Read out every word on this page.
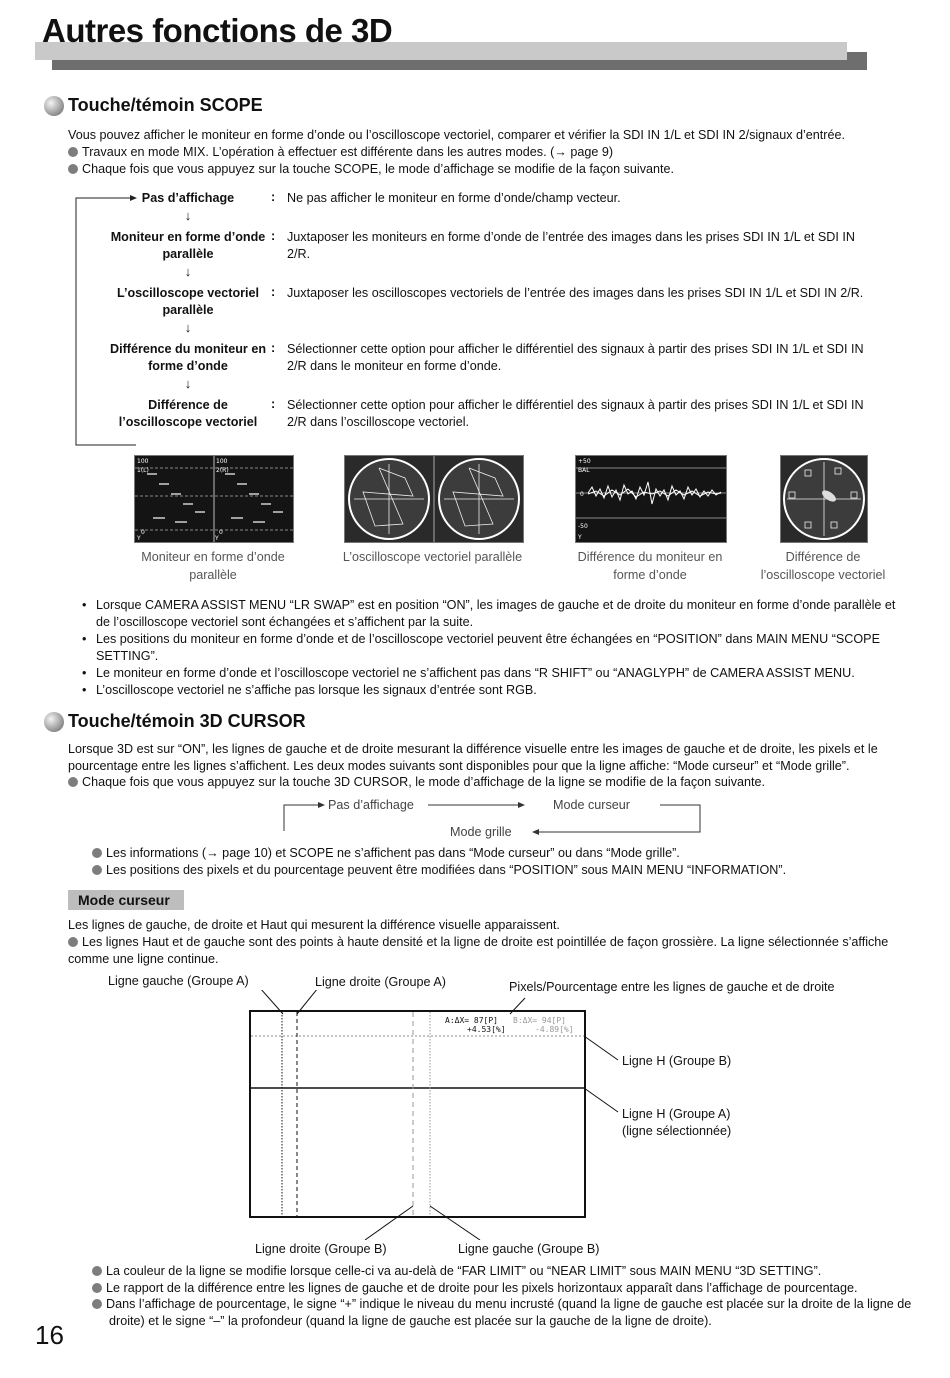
Autres fonctions de 3D
Touche/témoin SCOPE
Vous pouvez afficher le moniteur en forme d’onde ou l’oscilloscope vectoriel, comparer et vérifier la SDI IN 1/L et SDI IN 2/signaux d’entrée.
Travaux en mode MIX. L’opération à effectuer est différente dans les autres modes. (→ page 9)
Chaque fois que vous appuyez sur la touche SCOPE, le mode d’affichage se modifie de la façon suivante.
Pas d’affichage	: Ne pas afficher le moniteur en forme d’onde/champ vecteur.
↓
Moniteur en forme d’onde parallèle
: Juxtaposer les moniteurs en forme d’onde de l’entrée des images dans les prises SDI IN 1/L et SDI IN 2/R.
↓
L’oscilloscope vectoriel parallèle
: Juxtaposer les oscilloscopes vectoriels de l’entrée des images dans les prises SDI IN 1/L et SDI IN 2/R.
↓
Différence du moniteur en forme d’onde
: Sélectionner cette option pour afficher le différentiel des signaux à partir des prises SDI IN 1/L et SDI IN 2/R dans le moniteur en forme d’onde.
↓
Différence de l’oscilloscope vectoriel
: Sélectionner cette option pour afficher le différentiel des signaux à partir des prises SDI IN 1/L et SDI IN 2/R dans l’oscilloscope vectoriel.
100
1(L)
100
2(R)
0
Y
0
Y
+50
BAL
0
-50
Y
Moniteur en forme d’onde parallèle
L’oscilloscope vectoriel parallèle	Différence du moniteur en forme d’onde
Différence de l’oscilloscope vectoriel
• Lorsque CAMERA ASSIST MENU “LR SWAP” est en position “ON”, les images de gauche et de droite du moniteur en forme d’onde parallèle et de l’oscilloscope vectoriel sont échangées et s’affichent par la suite.
• Les positions du moniteur en forme d’onde et de l’oscilloscope vectoriel peuvent être échangées en “POSITION” dans MAIN MENU “SCOPE SETTING”.
• Le moniteur en forme d’onde et l’oscilloscope vectoriel ne s’affichent pas dans “R SHIFT” ou “ANAGLYPH” de CAMERA ASSIST MENU.
• L’oscilloscope vectoriel ne s’affiche pas lorsque les signaux d’entrée sont RGB.
Touche/témoin 3D CURSOR
Lorsque 3D est sur “ON”, les lignes de gauche et de droite mesurant la différence visuelle entre les images de gauche et de droite, les pixels et le pourcentage entre les lignes s’affichent. Les deux modes suivants sont disponibles pour que la ligne affiche: “Mode curseur” et “Mode grille”.
Chaque fois que vous appuyez sur la touche 3D CURSOR, le mode d’affichage de la ligne se modifie de la façon suivante.
Pas d’affichage	Mode curseur
Mode grille
Les informations (→ page 10) et SCOPE ne s’affichent pas dans “Mode curseur” ou dans “Mode grille”.
Les positions des pixels et du pourcentage peuvent être modifiées dans “POSITION” sous MAIN MENU “INFORMATION”.
Mode curseur
Les lignes de gauche, de droite et Haut qui mesurent la différence visuelle apparaissent.
Les lignes Haut et de gauche sont des points à haute densité et la ligne de droite est pointillée de façon grossière. La ligne sélectionnée s’affiche comme une ligne continue.
Ligne gauche (Groupe A)	Ligne droite (Groupe A)	Pixels/Pourcentage entre les lignes de gauche et de droite
Ligne H (Groupe B)
Ligne H (Groupe A)
(ligne sélectionnée)
Ligne droite (Groupe B)	Ligne gauche (Groupe B)
A:ΔX= 87[P]
+4.53[%]
B:ΔX= 94[P]
-4.89[%]
La couleur de la ligne se modifie lorsque celle-ci va au-delà de “FAR LIMIT” ou “NEAR LIMIT” sous MAIN MENU “3D SETTING”.
Le rapport de la différence entre les lignes de gauche et de droite pour les pixels horizontaux apparaît dans l’affichage de pourcentage.
Dans l’affichage de pourcentage, le signe “+” indique le niveau du menu incrusté (quand la ligne de gauche est placée sur la droite de la ligne de droite) et le signe “–” la profondeur (quand la ligne de gauche est placée sur la gauche de la ligne de droite).
16
